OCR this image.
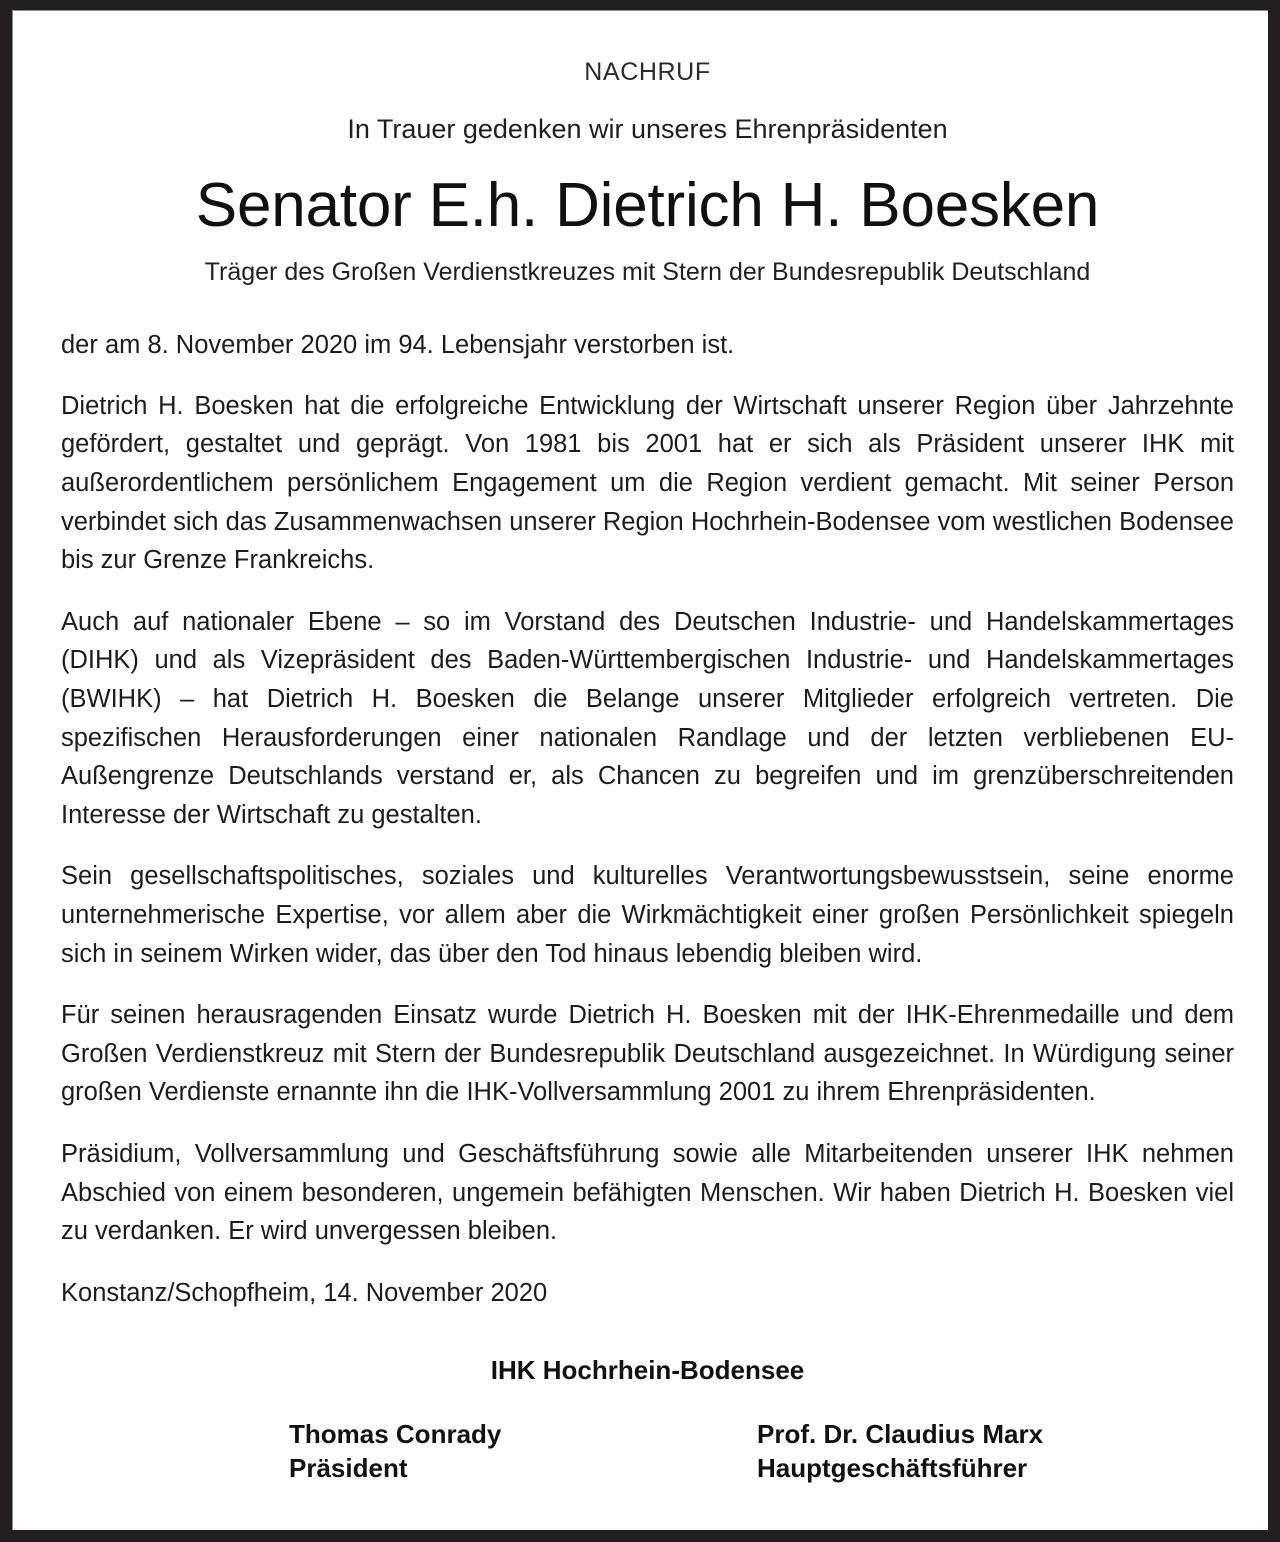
NACHRUF
In Trauer gedenken wir unseres Ehrenpräsidenten
Senator E.h. Dietrich H. Boesken
Träger des Großen Verdienstkreuzes mit Stern der Bundesrepublik Deutschland

der am 8. November 2020 im 94. Lebensjahr verstorben ist.

Dietrich H. Boesken hat die erfolgreiche Entwicklung der Wirtschaft unserer Region über Jahrzehnte gefördert, gestaltet und geprägt. Von 1981 bis 2001 hat er sich als Präsident unserer IHK mit außerordentlichem persönlichem Engagement um die Region verdient gemacht. Mit seiner Person verbindet sich das Zusammenwachsen unserer Region Hochrhein-Bodensee vom westlichen Bodensee bis zur Grenze Frankreichs.

Auch auf nationaler Ebene – so im Vorstand des Deutschen Industrie- und Handelskammertages (DIHK) und als Vizepräsident des Baden-Württembergischen Industrie- und Handelskammertages (BWIHK) – hat Dietrich H. Boesken die Belange unserer Mitglieder erfolgreich vertreten. Die spezifischen Herausforderungen einer nationalen Randlage und der letzten verbliebenen EU-Außengrenze Deutschlands verstand er, als Chancen zu begreifen und im grenzüberschreitenden Interesse der Wirtschaft zu gestalten.

Sein gesellschaftspolitisches, soziales und kulturelles Verantwortungsbewusstsein, seine enorme unternehmerische Expertise, vor allem aber die Wirkmächtigkeit einer großen Persönlichkeit spiegeln sich in seinem Wirken wider, das über den Tod hinaus lebendig bleiben wird.

Für seinen herausragenden Einsatz wurde Dietrich H. Boesken mit der IHK-Ehrenmedaille und dem Großen Verdienstkreuz mit Stern der Bundesrepublik Deutschland ausgezeichnet. In Würdigung seiner großen Verdienste ernannte ihn die IHK-Vollversammlung 2001 zu ihrem Ehrenpräsidenten.

Präsidium, Vollversammlung und Geschäftsführung sowie alle Mitarbeitenden unserer IHK nehmen Abschied von einem besonderen, ungemein befähigten Menschen. Wir haben Dietrich H. Boesken viel zu verdanken. Er wird unvergessen bleiben.

Konstanz/Schopfheim, 14. November 2020
IHK Hochrhein-Bodensee
Thomas Conrady
Präsident
Prof. Dr. Claudius Marx
Hauptgeschäftsführer
